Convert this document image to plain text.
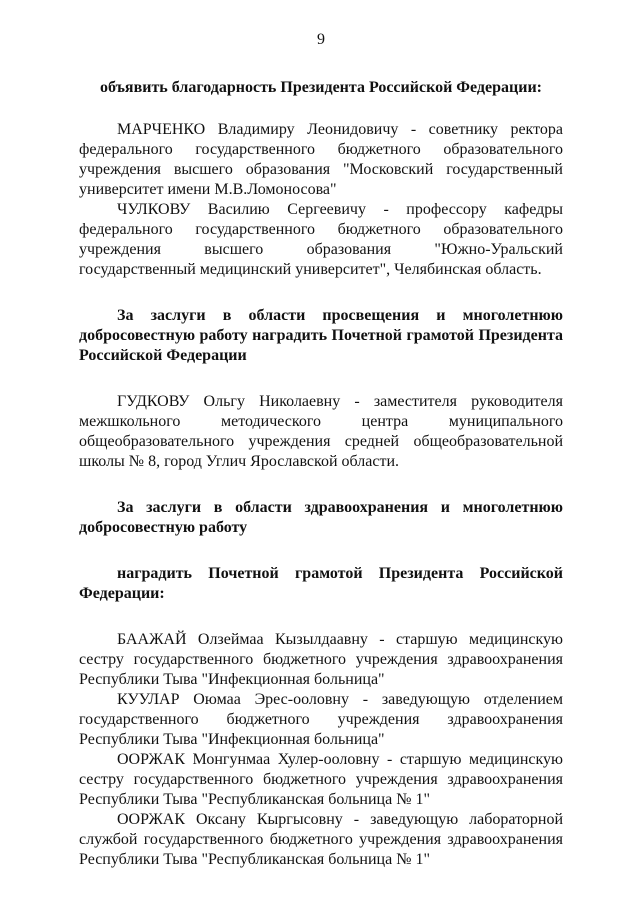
9
объявить благодарность Президента Российской Федерации:

МАРЧЕНКО Владимиру Леонидовичу - советнику ректора федерального государственного бюджетного образовательного учреждения высшего образования "Московский государственный университет имени М.В.Ломоносова"

ЧУЛКОВУ Василию Сергеевичу - профессору кафедры федерального государственного бюджетного образовательного учреждения высшего образования "Южно-Уральский государственный медицинский университет", Челябинская область.

За заслуги в области просвещения и многолетнюю добросовестную работу наградить Почетной грамотой Президента Российской Федерации

ГУДКОВУ Ольгу Николаевну - заместителя руководителя межшкольного методического центра муниципального общеобразовательного учреждения средней общеобразовательной школы № 8, город Углич Ярославской области.

За заслуги в области здравоохранения и многолетнюю добросовестную работу
наградить Почетной грамотой Президента Российской Федерации:

БААЖАЙ Олзеймаа Кызылдаавну - старшую медицинскую сестру государственного бюджетного учреждения здравоохранения Республики Тыва "Инфекционная больница"

КУУЛАР Оюмаа Эрес-ооловну - заведующую отделением государственного бюджетного учреждения здравоохранения Республики Тыва "Инфекционная больница"

ООРЖАК Монгунмаа Хулер-ооловну - старшую медицинскую сестру государственного бюджетного учреждения здравоохранения Республики Тыва "Республиканская больница № 1"

ООРЖАК Оксану Кыргысовну - заведующую лабораторной службой государственного бюджетного учреждения здравоохранения Республики Тыва "Республиканская больница № 1"
